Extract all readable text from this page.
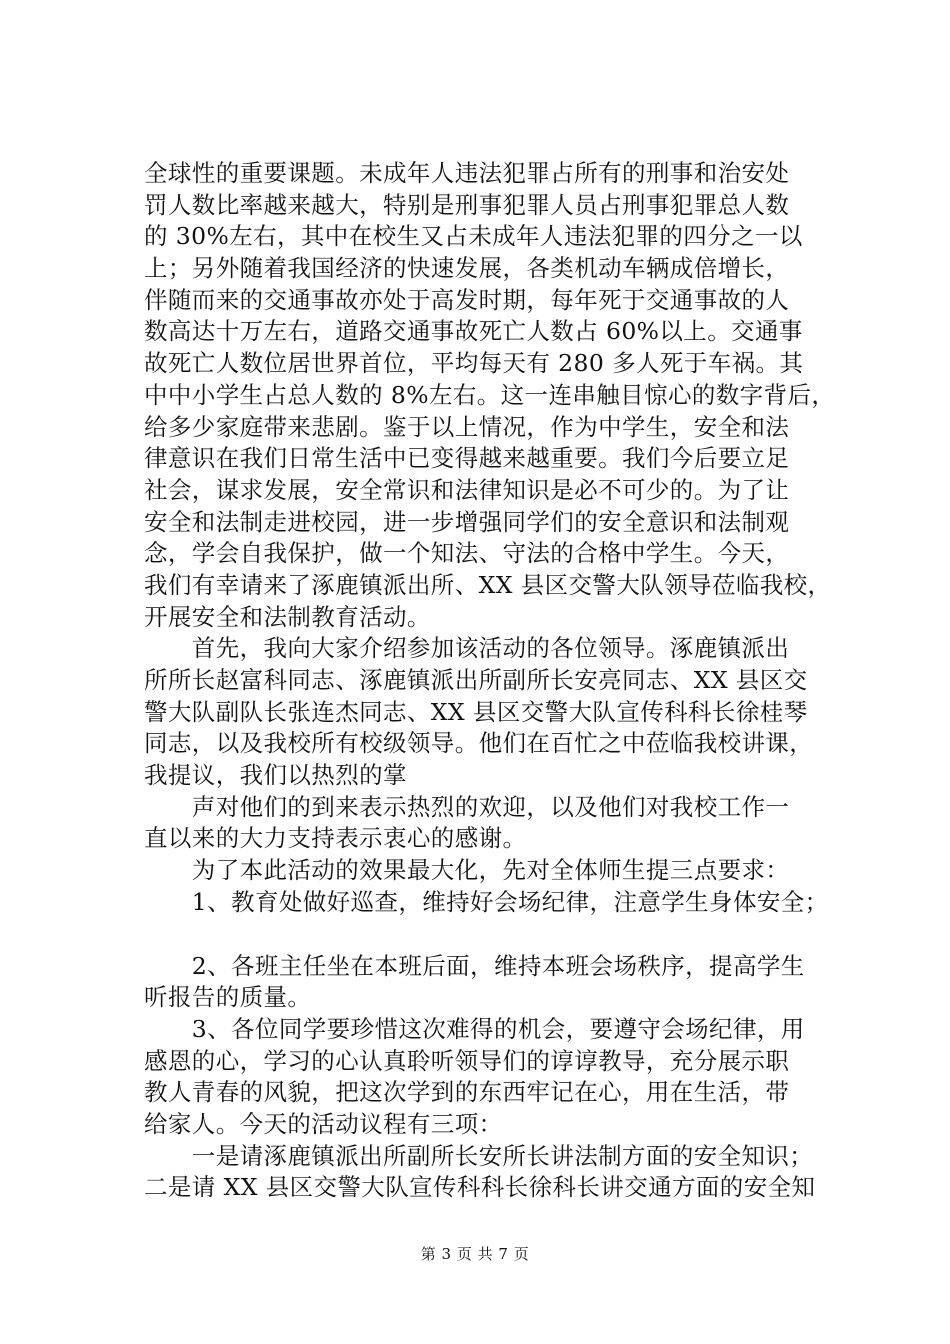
全球性的重要课题。未成年人违法犯罪占所有的刑事和治安处
罚人数比率越来越大，特别是刑事犯罪人员占刑事犯罪总人数
的 30%左右，其中在校生又占未成年人违法犯罪的四分之一以
上；另外随着我国经济的快速发展，各类机动车辆成倍增长，
伴随而来的交通事故亦处于高发时期，每年死于交通事故的人
数高达十万左右，道路交通事故死亡人数占 60%以上。交通事
故死亡人数位居世界首位，平均每天有 280 多人死于车祸。其
中中小学生占总人数的 8%左右。这一连串触目惊心的数字背后，
给多少家庭带来悲剧。鉴于以上情况，作为中学生，安全和法
律意识在我们日常生活中已变得越来越重要。我们今后要立足
社会，谋求发展，安全常识和法律知识是必不可少的。为了让
安全和法制走进校园，进一步增强同学们的安全意识和法制观
念，学会自我保护，做一个知法、守法的合格中学生。今天，
我们有幸请来了涿鹿镇派出所、XX 县区交警大队领导莅临我校，
开展安全和法制教育活动。
　　首先，我向大家介绍参加该活动的各位领导。涿鹿镇派出
所所长赵富科同志、涿鹿镇派出所副所长安亮同志、XX 县区交
警大队副队长张连杰同志、XX 县区交警大队宣传科科长徐桂琴
同志，以及我校所有校级领导。他们在百忙之中莅临我校讲课，
我提议，我们以热烈的掌
　　声对他们的到来表示热烈的欢迎，以及他们对我校工作一
直以来的大力支持表示衷心的感谢。
　　为了本此活动的效果最大化，先对全体师生提三点要求：
　　1、教育处做好巡查，维持好会场纪律，注意学生身体安全；
　　2、各班主任坐在本班后面，维持本班会场秩序，提高学生
听报告的质量。
　　3、各位同学要珍惜这次难得的机会，要遵守会场纪律，用
感恩的心，学习的心认真聆听领导们的谆谆教导，充分展示职
教人青春的风貌，把这次学到的东西牢记在心，用在生活，带
给家人。今天的活动议程有三项：
　　一是请涿鹿镇派出所副所长安所长讲法制方面的安全知识；
二是请 XX 县区交警大队宣传科科长徐科长讲交通方面的安全知
第 3 页 共 7 页
